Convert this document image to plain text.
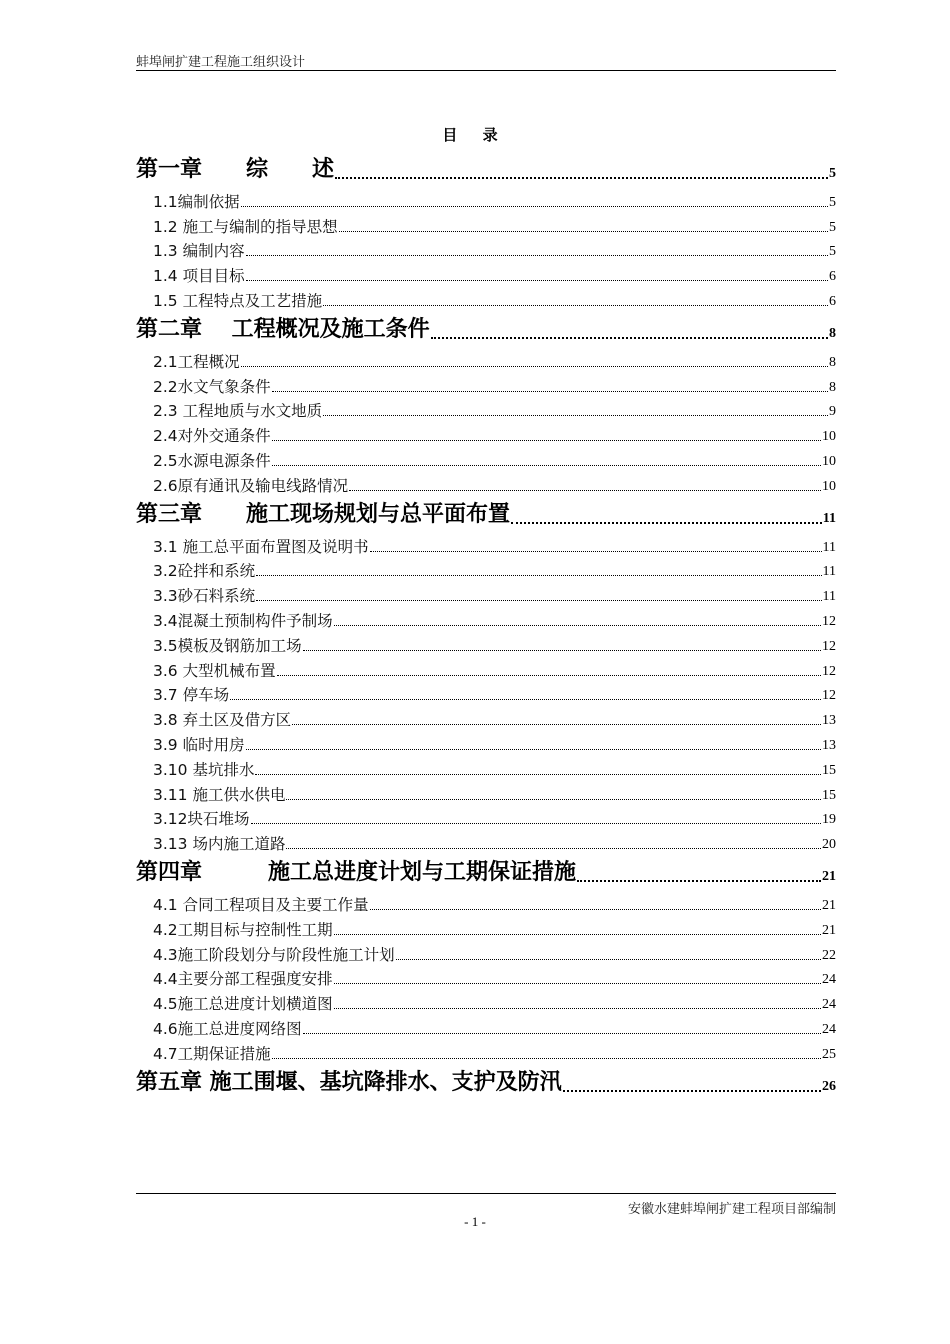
蚌埠闸扩建工程施工组织设计
目 录
第一章　　综　　述	5
1.1编制依据	5
1.2 施工与编制的指导思想	5
1.3 编制内容	5
1.4 项目目标	6
1.5 工程特点及工艺措施	6
第二章　 工程概况及施工条件	8
2.1工程概况	8
2.2水文气象条件	8
2.3 工程地质与水文地质	9
2.4对外交通条件	10
2.5水源电源条件	10
2.6原有通讯及输电线路情况	10
第三章　　施工现场规划与总平面布置	11
3.1 施工总平面布置图及说明书	11
3.2砼拌和系统	11
3.3砂石料系统	11
3.4混凝土预制构件予制场	12
3.5模板及钢筋加工场	12
3.6 大型机械布置	12
3.7 停车场	12
3.8 弃土区及借方区	13
3.9 临时用房	13
3.10 基坑排水	15
3.11 施工供水供电	15
3.12块石堆场	19
3.13 场内施工道路	20
第四章　　　施工总进度计划与工期保证措施	21
4.1 合同工程项目及主要工作量	21
4.2工期目标与控制性工期	21
4.3施工阶段划分与阶段性施工计划	22
4.4主要分部工程强度安排	24
4.5施工总进度计划横道图	24
4.6施工总进度网络图	24
4.7工期保证措施	25
第五章 施工围堰、基坑降排水、支护及防汛	26
安徽水建蚌埠闸扩建工程项目部编制
- 1 -
